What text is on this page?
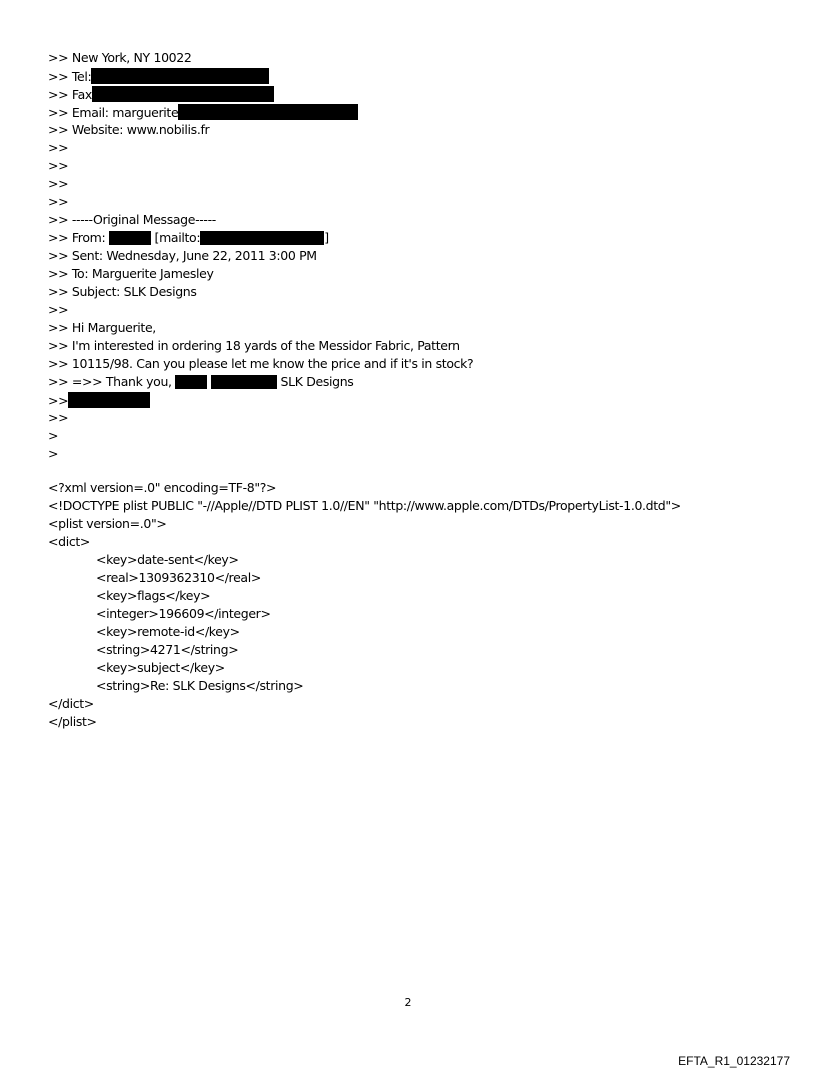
>> New York, NY 10022
>> Tel:
>> Fax
>> Email: marguerite
>> Website: www.nobilis.fr
>>
>>
>>
>>
>> -----Original Message-----
>> From:	[mailto:	]
>> Sent: Wednesday, June 22, 2011 3:00 PM
>> To: Marguerite Jamesley
>> Subject: SLK Designs
>>
>> Hi Marguerite,
>> I'm interested in ordering 18 yards of the Messidor Fabric, Pattern
>> 10115/98. Can you please let me know the price and if it's in stock?
>> =>> Thank you,	SLK Designs
>>
>>
>
>
<?xml version=.0" encoding=TF-8"?>
<!DOCTYPE plist PUBLIC "-//Apple//DTD PLIST 1.0//EN" "http://www.apple.com/DTDs/PropertyList-1.0.dtd">
<plist version=.0">
<dict>
<key>date-sent</key>
<real>1309362310</real>
<key>flags</key>
<integer>196609</integer>
<key>remote-id</key>
<string>4271</string>
<key>subject</key>
<string>Re: SLK Designs</string>
</dict>
</plist>
2
EFTA_R1_01232177
